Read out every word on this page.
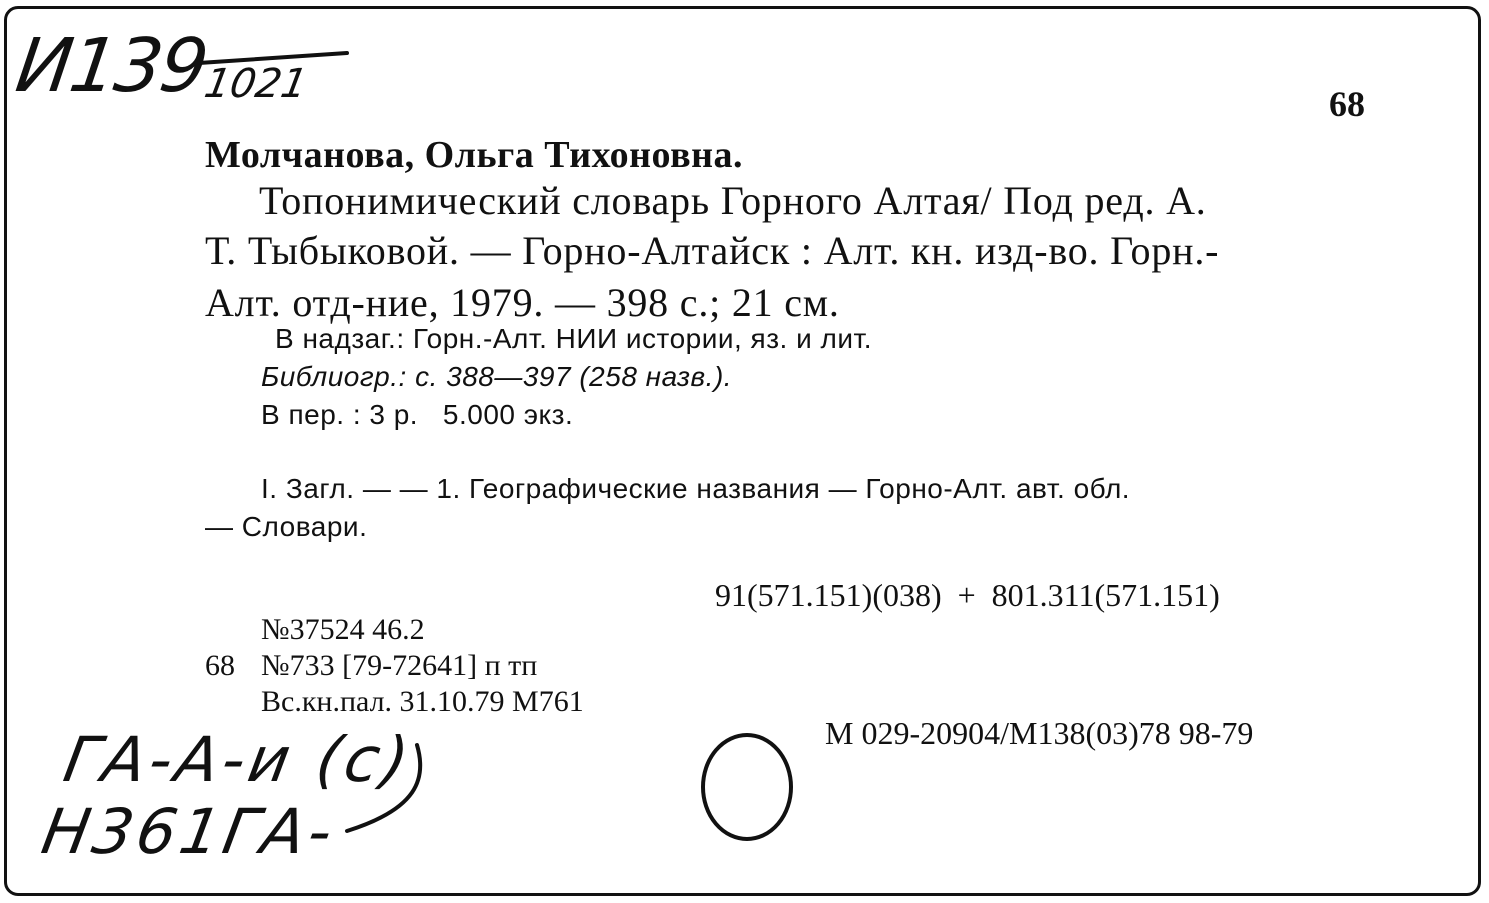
И139
1021	68
Молчанова, Ольга Тихоновна.
Топонимический словарь Горного Алтая/ Под ред. А.
Т. Тыбыковой. — Горно-Алтайск : Алт. кн. изд-во. Горн.-
Алт. отд-ние, 1979. — 398 с.; 21 см.
В надзаг.: Горн.-Алт. НИИ истории, яз. и лит.
Библиогр.: с. 388—397 (258 назв.).
В пер. : 3 р.   5.000 экз.
I. Загл. — — 1. Географические названия — Горно-Алт. авт. обл.
— Словари.
91(571.151)(038)  +  801.311(571.151)
№37524 46.2
68 №733 [79-72641] п тп
Вс.кн.пал. 31.10.79 М761
М 029-20904/М138(03)78 98-79
ГА-А-и (с)
Н361ГА-
